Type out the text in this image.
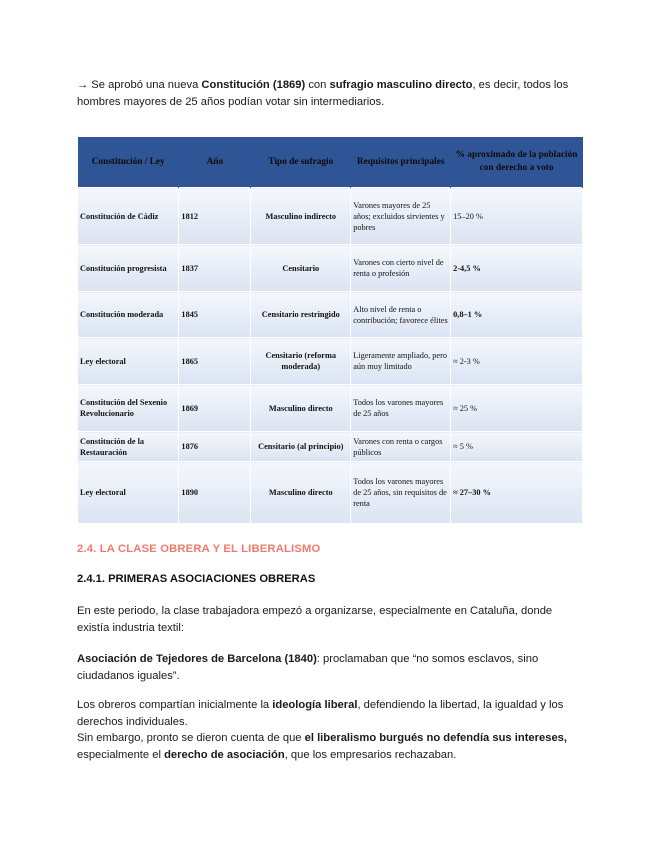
→ Se aprobó una nueva Constitución (1869) con sufragio masculino directo, es decir, todos los hombres mayores de 25 años podían votar sin intermediarios.

Constitución / Ley	Año	Tipo de sufragio	Requisitos principales	% aproximado de la población con derecho a voto
Constitución de Cádiz	1812	Masculino indirecto	Varones mayores de 25 años; excluidos sirvientes y pobres	15–20 %
Constitución progresista	1837	Censitario	Varones con cierto nivel de renta o profesión	2-4,5 %
Constitución moderada	1845	Censitario restringido	Alto nivel de renta o contribución; favorece élites	0,8–1 %
Ley electoral	1865	Censitario (reforma moderada)	Ligeramente ampliado, pero aún muy limitado	≈ 2-3 %
Constitución del Sexenio Revolucionario	1869	Masculino directo	Todos los varones mayores de 25 años	≈ 25 %
Constitución de la Restauración	1876	Censitario (al principio)	Varones con renta o cargos públicos	≈ 5 %
Ley electoral	1890	Masculino directo	Todos los varones mayores de 25 años, sin requisitos de renta	≈ 27–30 %
2.4. LA CLASE OBRERA Y EL LIBERALISMO
2.4.1. PRIMERAS ASOCIACIONES OBRERAS

En este periodo, la clase trabajadora empezó a organizarse, especialmente en Cataluña, donde existía industria textil:

Asociación de Tejedores de Barcelona (1840): proclamaban que “no somos esclavos, sino ciudadanos iguales”.

Los obreros compartían inicialmente la ideología liberal, defendiendo la libertad, la igualdad y los derechos individuales.
Sin embargo, pronto se dieron cuenta de que el liberalismo burgués no defendía sus intereses, especialmente el derecho de asociación, que los empresarios rechazaban.
